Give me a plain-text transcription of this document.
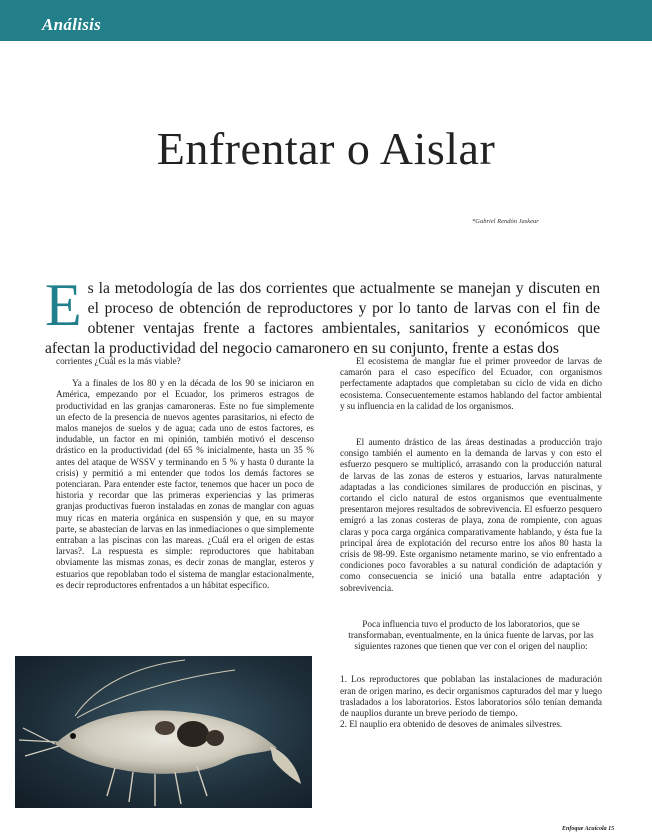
Análisis
Enfrentar o Aislar
*Gabriel Rendón Jaskeur
Es la metodología de las dos corrientes que actualmente se manejan y discuten en el proceso de obtención de reproductores y por lo tanto de larvas con el fin de obtener ventajas frente a factores ambientales, sanitarios y económicos que afectan la productividad del negocio camaronero en su conjunto, frente a estas dos

corrientes ¿Cuál es la más viable?

Ya a finales de los 80 y en la década de los 90 se iniciaron en América, empezando por el Ecuador, los primeros estragos de productividad en las granjas camaroneras. Este no fue simplemente un efecto de la presencia de nuevos agentes parasitarios, ni efecto de malos manejos de suelos y de agua; cada uno de estos factores, es indudable, un factor en mi opinión, también motivó el descenso drástico en la productividad (del 65 % inicialmente, hasta un 35 % antes del ataque de WSSV y terminando en 5 % y hasta 0 durante la crisis) y permitió a mi entender que todos los demás factores se potenciaran. Para entender este factor, tenemos que hacer un poco de historia y recordar que las primeras experiencias y las primeras granjas productivas fueron instaladas en zonas de manglar con aguas muy ricas en materia orgánica en suspensión y que, en su mayor parte, se abastecían de larvas en las inmediaciones o que simplemente entraban a las piscinas con las mareas. ¿Cuál era el origen de estas larvas?. La respuesta es simple: reproductores que habitaban obviamente las mismas zonas, es decir zonas de manglar, esteros y estuarios que repoblaban todo el sistema de manglar estacionalmente, es decir reproductores enfrentados a un hábitat específico.

El ecosistema de manglar fue el primer proveedor de larvas de camarón para el caso específico del Ecuador, con organismos perfectamente adaptados que completaban su ciclo de vida en dicho ecosistema. Consecuentemente estamos hablando del factor ambiental y su influencia en la calidad de los organismos.

El aumento drástico de las áreas destinadas a producción trajo consigo también el aumento en la demanda de larvas y con esto el esfuerzo pesquero se multiplicó, arrasando con la producción natural de larvas de las zonas de esteros y estuarios, larvas naturalmente adaptadas a las condiciones similares de producción en piscinas, y cortando el ciclo natural de estos organismos que eventualmente presentaron mejores resultados de sobrevivencia. El esfuerzo pesquero emigró a las zonas costeras de playa, zona de rompiente, con aguas claras y poca carga orgánica comparativamente hablando, y ésta fue la principal área de explotación del recurso entre los años 80 hasta la crisis de 98-99. Este organismo netamente marino, se vio enfrentado a condiciones poco favorables a su natural condición de adaptación y como consecuencia se inició una batalla entre adaptación y sobrevivencia.

Poca influencia tuvo el producto de los laboratorios, que se transformaban, eventualmente, en la única fuente de larvas, por las siguientes razones que tienen que ver con el origen del nauplio:

1. Los reproductores que poblaban las instalaciones de maduración eran de origen marino, es decir organismos capturados del mar y luego trasladados a los laboratorios. Estos laboratorios sólo tenían demanda de nauplios durante un breve periodo de tiempo.

2. El nauplio era obtenido de desoves de animales silvestres.

Enfoque Acuícola 15
